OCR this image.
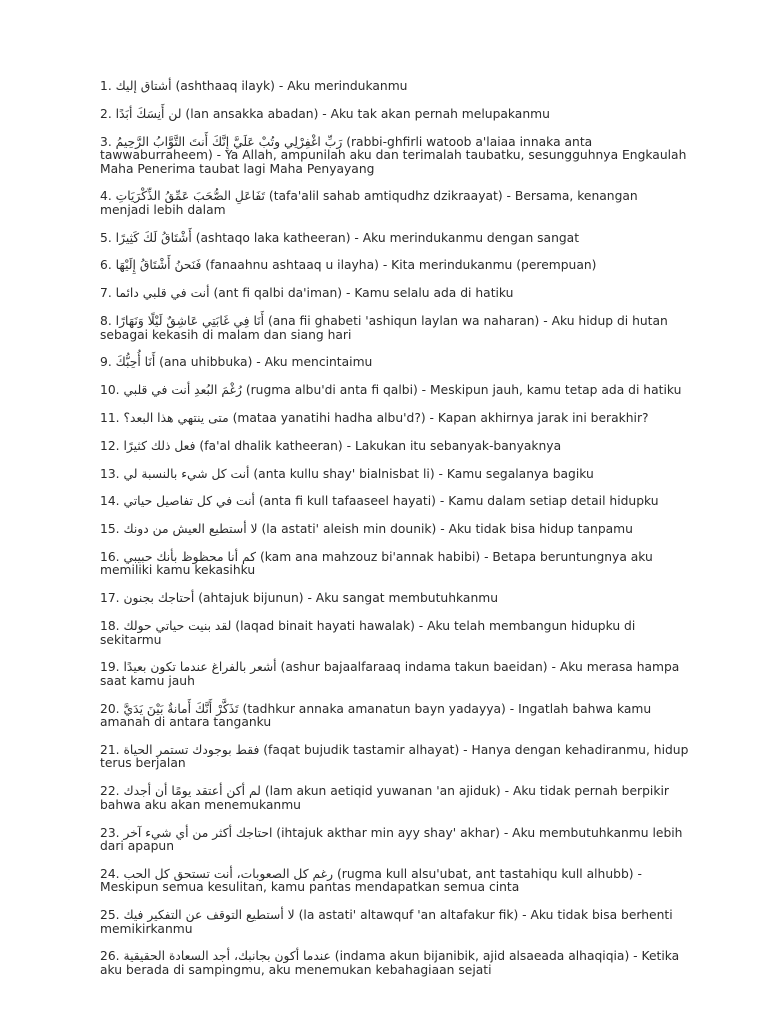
1. أشتاق إليك (ashthaaq ilayk) - Aku merindukanmu

2. لن أَنِسَكَ أبَدًا (lan ansakka abadan) - Aku tak akan pernah melupakanmu

3. رَبِّ اغْفِرْلِي وتُبْ عَلَيَّ إِنَّكَ أَنتَ التَّوَّابُ الرَّحِيمُ (rabbi-ghfirli watoob a'laiaa innaka anta tawwaburraheem) - Ya Allah, ampunilah aku dan terimalah taubatku, sesungguhnya Engkaulah Maha Penerima taubat lagi Maha Penyayang

4. تَفَاعَلِ الصُّحَبَ عَمِّقُ الذِّكْرَيَاتِ (tafa'alil sahab amtiqudhz dzikraayat) - Bersama, kenangan menjadi lebih dalam

5. أَشْتَاقُ لَكَ كَثِيرًا (ashtaqo laka katheeran) - Aku merindukanmu dengan sangat

6. فَنَحنُ أَشْتَاقُ إِلَيْهَا (fanaahnu ashtaaq u ilayha) - Kita merindukanmu (perempuan)

7. أنت في قلبي دائما (ant fi qalbi da'iman) - Kamu selalu ada di hatiku

8. أَنَا فِي غَابَتِي عَاشِقٌ لَيْلًا وَنَهَارًا (ana fii ghabeti 'ashiqun laylan wa naharan) - Aku hidup di hutan sebagai kekasih di malam dan siang hari

9. أَنَا أُحِبُّكَ (ana uhibbuka) - Aku mencintaimu

10. رُغْمَ البُعدِ أنت في قلبي (rugma albu'di anta fi qalbi) - Meskipun jauh, kamu tetap ada di hatiku

11. متى ينتهي هذا البعد؟ (mataa yanatihi hadha albu'd?) - Kapan akhirnya jarak ini berakhir?

12. فعل ذلك كثيرًا (fa'al dhalik katheeran) - Lakukan itu sebanyak-banyaknya

13. أنت كل شيء بالنسبة لي (anta kullu shay' bialnisbat li) - Kamu segalanya bagiku

14. أنت في كل تفاصيل حياتي (anta fi kull tafaaseel hayati) - Kamu dalam setiap detail hidupku

15. لا أستطيع العيش من دونك (la astati' aleish min dounik) - Aku tidak bisa hidup tanpamu

16. كم أنا محظوظ بأنك حبيبي (kam ana mahzouz bi'annak habibi) - Betapa beruntungnya aku memiliki kamu kekasihku

17. أحتاجك بجنون (ahtajuk bijunun) - Aku sangat membutuhkanmu

18. لقد بنيت حياتي حولك (laqad binait hayati hawalak) - Aku telah membangun hidupku di sekitarmu

19. أشعر بالفراغ عندما تكون بعيدًا (ashur bajaalfaraaq indama takun baeidan) - Aku merasa hampa saat kamu jauh

20. تَذَكَّرْ أَنَّكَ أَمانةٌ بَيْنَ يَدَيَّ (tadhkur annaka amanatun bayn yadayya) - Ingatlah bahwa kamu amanah di antara tanganku

21. فقط بوجودك تستمر الحياة (faqat bujudik tastamir alhayat) - Hanya dengan kehadiranmu, hidup terus berjalan

22. لم أكن أعتقد يومًا أن أجدك (lam akun aetiqid yuwanan 'an ajiduk) - Aku tidak pernah berpikir bahwa aku akan menemukanmu

23. احتاجك أكثر من أي شيء آخر (ihtajuk akthar min ayy shay' akhar) - Aku membutuhkanmu lebih dari apapun

24. رغم كل الصعوبات، أنت تستحق كل الحب (rugma kull alsu'ubat, ant tastahiqu kull alhubb) - Meskipun semua kesulitan, kamu pantas mendapatkan semua cinta

25. لا أستطيع التوقف عن التفكير فيك (la astati' altawquf 'an altafakur fik) - Aku tidak bisa berhenti memikirkanmu

26. عندما أكون بجانبك، أجد السعادة الحقيقية (indama akun bijanibik, ajid alsaeada alhaqiqia) - Ketika aku berada di sampingmu, aku menemukan kebahagiaan sejati
